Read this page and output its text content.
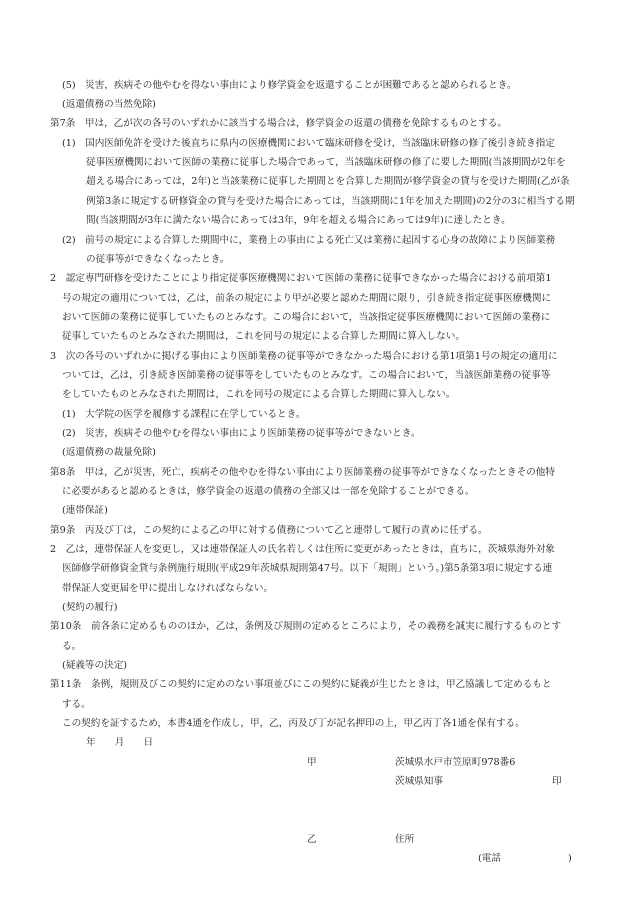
(5)　災害，疾病その他やむを得ない事由により修学資金を返還することが困難であると認められるとき。
(返還債務の当然免除)
第7条　甲は，乙が次の各号のいずれかに該当する場合は，修学資金の返還の債務を免除するものとする。
(1)　国内医師免許を受けた後直ちに県内の医療機関において臨床研修を受け，当該臨床研修の修了後引き続き指定
従事医療機関において医師の業務に従事した場合であって，当該臨床研修の修了に要した期間(当該期間が2年を
超える場合にあっては，2年)と当該業務に従事した期間とを合算した期間が修学資金の貸与を受けた期間(乙が条
例第3条に規定する研修資金の貸与を受けた場合にあっては，当該期間に1年を加えた期間)の2分の3に相当する期
間(当該期間が3年に満たない場合にあっては3年，9年を超える場合にあっては9年)に達したとき。
(2)　前号の規定による合算した期間中に，業務上の事由による死亡又は業務に起因する心身の故障により医師業務
の従事等ができなくなったとき。
2　認定専門研修を受けたことにより指定従事医療機関において医師の業務に従事できなかった場合における前項第1
号の規定の適用については，乙は，前条の規定により甲が必要と認めた期間に限り，引き続き指定従事医療機関に
おいて医師の業務に従事していたものとみなす。この場合において，当該指定従事医療機関において医師の業務に
従事していたものとみなされた期間は，これを同号の規定による合算した期間に算入しない。
3　次の各号のいずれかに掲げる事由により医師業務の従事等ができなかった場合における第1項第1号の規定の適用に
ついては，乙は，引き続き医師業務の従事等をしていたものとみなす。この場合において，当該医師業務の従事等
をしていたものとみなされた期間は，これを同号の規定による合算した期間に算入しない。
(1)　大学院の医学を履修する課程に在学しているとき。
(2)　災害，疾病その他やむを得ない事由により医師業務の従事等ができないとき。
(返還債務の裁量免除)
第8条　甲は，乙が災害，死亡，疾病その他やむを得ない事由により医師業務の従事等ができなくなったときその他特
に必要があると認めるときは，修学資金の返還の債務の全部又は一部を免除することができる。
(連帯保証)
第9条　丙及び丁は，この契約による乙の甲に対する債務について乙と連帯して履行の責めに任ずる。
2　乙は，連帯保証人を変更し，又は連帯保証人の氏名若しくは住所に変更があったときは，直ちに，茨城県海外対象
医師修学研修資金貸与条例施行規則(平成29年茨城県規則第47号。以下「規則」という。)第5条第3項に規定する連
帯保証人変更届を甲に提出しなければならない。
(契約の履行)
第10条　前各条に定めるもののほか，乙は，条例及び規則の定めるところにより，その義務を誠実に履行するものとす
る。
(疑義等の決定)
第11条　条例，規則及びこの契約に定めのない事項並びにこの契約に疑義が生じたときは，甲乙協議して定めるもと
する。
この契約を証するため，本書4通を作成し，甲，乙，丙及び丁が記名押印の上，甲乙丙丁各1通を保有する。
年　　月　　日
甲	茨城県水戸市笠原町978番6
茨城県知事	印
乙	住所
(電話	)
